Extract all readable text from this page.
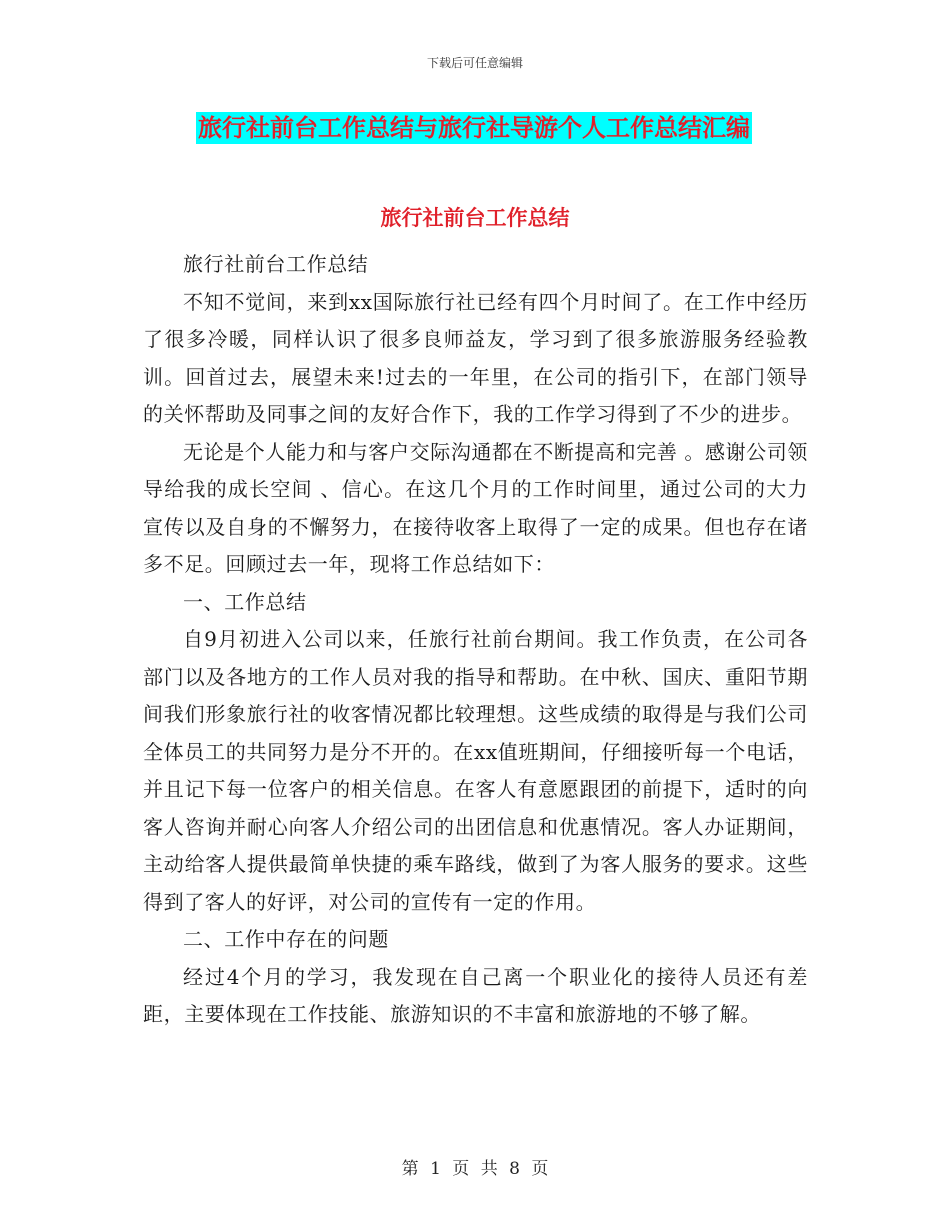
下载后可任意编辑
旅行社前台工作总结与旅行社导游个人工作总结汇编
旅行社前台工作总结

旅行社前台工作总结

不知不觉间，来到xx国际旅行社已经有四个月时间了。在工作中经历了很多冷暖，同样认识了很多良师益友，学习到了很多旅游服务经验教训。回首过去，展望未来!过去的一年里，在公司的指引下，在部门领导的关怀帮助及同事之间的友好合作下，我的工作学习得到了不少的进步。

无论是个人能力和与客户交际沟通都在不断提高和完善 。感谢公司领导给我的成长空间 、信心。在这几个月的工作时间里，通过公司的大力宣传以及自身的不懈努力，在接待收客上取得了一定的成果。但也存在诸多不足。回顾过去一年，现将工作总结如下：

一、工作总结

自9月初进入公司以来，任旅行社前台期间。我工作负责，在公司各部门以及各地方的工作人员对我的指导和帮助。在中秋、国庆、重阳节期间我们形象旅行社的收客情况都比较理想。这些成绩的取得是与我们公司全体员工的共同努力是分不开的。在xx值班期间，仔细接听每一个电话，并且记下每一位客户的相关信息。在客人有意愿跟团的前提下，适时的向客人咨询并耐心向客人介绍公司的出团信息和优惠情况。客人办证期间，主动给客人提供最简单快捷的乘车路线，做到了为客人服务的要求。这些得到了客人的好评，对公司的宣传有一定的作用。

二、工作中存在的问题

经过4个月的学习，我发现在自己离一个职业化的接待人员还有差距，主要体现在工作技能、旅游知识的不丰富和旅游地的不够了解。

第 1 页 共 8 页
